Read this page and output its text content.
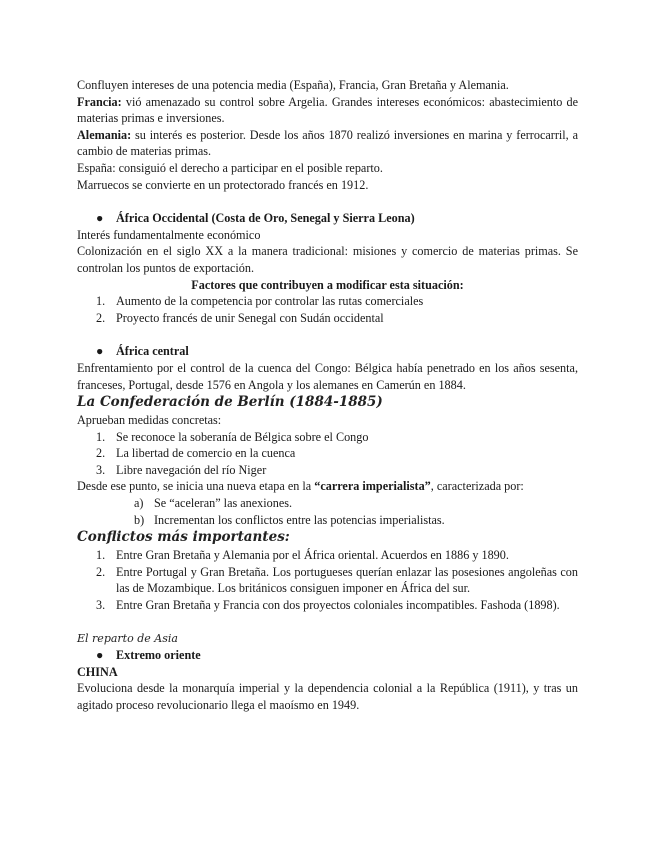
Confluyen intereses de una potencia media (España), Francia, Gran Bretaña y Alemania.

Francia: vió amenazado su control sobre Argelia. Grandes intereses económicos: abastecimiento de materias primas e inversiones.

Alemania: su interés es posterior. Desde los años 1870 realizó inversiones en marina y ferrocarril, a cambio de materias primas.

España: consiguió el derecho a participar en el posible reparto.

Marruecos se convierte en un protectorado francés en 1912.

● África Occidental (Costa de Oro, Senegal y Sierra Leona)

Interés fundamentalmente económico

Colonización en el siglo XX a la manera tradicional: misiones y comercio de materias primas. Se controlan los puntos de exportación.

Factores que contribuyen a modificar esta situación:

1. Aumento de la competencia por controlar las rutas comerciales
2. Proyecto francés de unir Senegal con Sudán occidental

● África central

Enfrentamiento por el control de la cuenca del Congo: Bélgica había penetrado en los años sesenta, franceses, Portugal, desde 1576 en Angola y los alemanes en Camerún en 1884.

La Confederación de Berlín (1884-1885)

Aprueban medidas concretas:

1. Se reconoce la soberanía de Bélgica sobre el Congo
2. La libertad de comercio en la cuenca
3. Libre navegación del río Niger

Desde ese punto, se inicia una nueva etapa en la “carrera imperialista”, caracterizada por:

a) Se “aceleran” las anexiones.
b) Incrementan los conflictos entre las potencias imperialistas.

Conflictos más importantes:

1. Entre Gran Bretaña y Alemania por el África oriental. Acuerdos en 1886 y 1890.
2. Entre Portugal y Gran Bretaña. Los portugueses querían enlazar las posesiones angoleñas con las de Mozambique. Los británicos consiguen imponer en África del sur.
3. Entre Gran Bretaña y Francia con dos proyectos coloniales incompatibles. Fashoda (1898).

El reparto de Asia

● Extremo oriente

CHINA

Evoluciona desde la monarquía imperial y la dependencia colonial a la República (1911), y tras un agitado proceso revolucionario llega el maoísmo en 1949.
